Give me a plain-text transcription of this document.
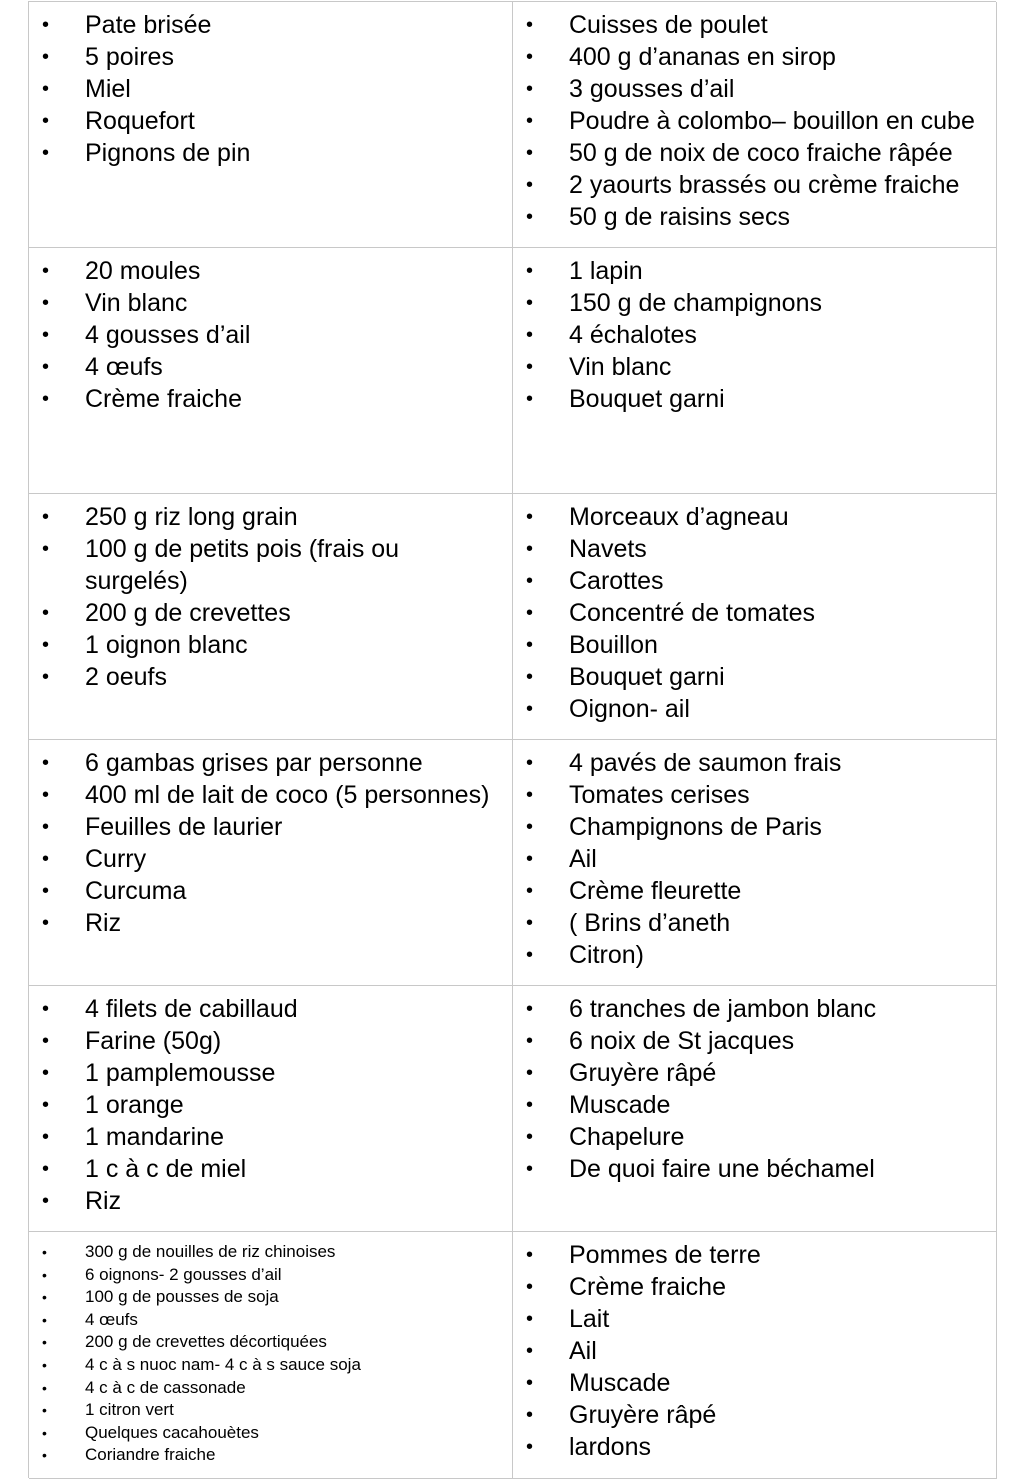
• Pate brisée
• 5 poires
• Miel
• Roquefort
• Pignons de pin
• Cuisses de poulet
• 400 g d’ananas en sirop
• 3 gousses d’ail
• Poudre à colombo– bouillon en cube
• 50 g de noix de coco fraiche râpée
• 2 yaourts brassés ou crème fraiche
• 50 g de raisins secs
• 20 moules
• Vin blanc
• 4 gousses d’ail
• 4 œufs
• Crème fraiche
• 1 lapin
• 150 g de champignons
• 4 échalotes
• Vin blanc
• Bouquet garni
• 250 g riz long grain
• 100 g de petits pois (frais ou surgelés)
• 200 g de crevettes
• 1 oignon blanc
• 2 oeufs
• Morceaux d’agneau
• Navets
• Carottes
• Concentré de tomates
• Bouillon
• Bouquet garni
• Oignon- ail
• 6 gambas grises par personne
• 400 ml de lait de coco (5 personnes)
• Feuilles de laurier
• Curry
• Curcuma
• Riz
• 4 pavés de saumon frais
• Tomates cerises
• Champignons de Paris
• Ail
• Crème fleurette
• ( Brins d’aneth
• Citron)
• 4 filets de cabillaud
• Farine (50g)
• 1 pamplemousse
• 1 orange
• 1 mandarine
• 1 c à c de miel
• Riz
• 6 tranches de jambon blanc
• 6 noix de St jacques
• Gruyère râpé
• Muscade
• Chapelure
• De quoi faire une béchamel
• 300 g de nouilles de riz chinoises
• 6 oignons- 2 gousses d’ail
• 100 g de pousses de soja
• 4 œufs
• 200 g de crevettes décortiquées
• 4 c à s nuoc nam- 4 c à s sauce soja
• 4 c à c de cassonade
• 1 citron vert
• Quelques cacahouètes
• Coriandre fraiche
• Pommes de terre
• Crème fraiche
• Lait
• Ail
• Muscade
• Gruyère râpé
• lardons
